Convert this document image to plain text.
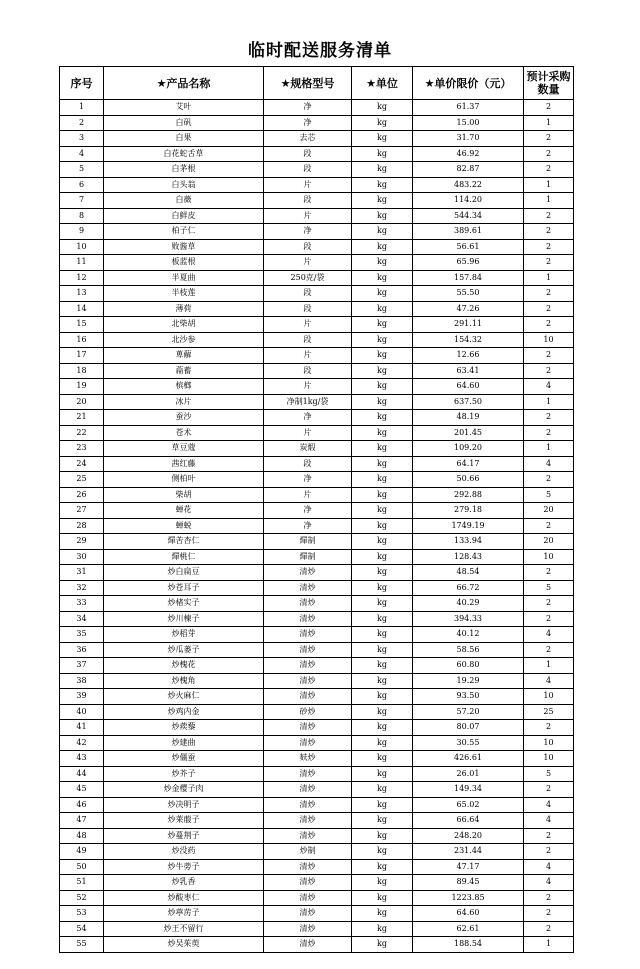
临时配送服务清单
序号	★产品名称	★规格型号	★单位	★单价限价（元）	预计采购数量
1	艾叶	净	kg	61.37	2
2	白矾	净	kg	15.00	1
3	白果	去芯	kg	31.70	2
4	白花蛇舌草	段	kg	46.92	2
5	白茅根	段	kg	82.87	2
6	白头翁	片	kg	483.22	1
7	白薇	段	kg	114.20	1
8	白鲜皮	片	kg	544.34	2
9	柏子仁	净	kg	389.61	2
10	败酱草	段	kg	56.61	2
11	板蓝根	片	kg	65.96	2
12	半夏曲	250克/袋	kg	157.84	1
13	半枝莲	段	kg	55.50	2
14	薄荷	段	kg	47.26	2
15	北柴胡	片	kg	291.11	2
16	北沙参	段	kg	154.32	10
17	萆薢	片	kg	12.66	2
18	萹蓄	段	kg	63.41	2
19	槟榔	片	kg	64.60	4
20	冰片	净制1kg/袋	kg	637.50	1
21	蚕沙	净	kg	48.19	2
22	苍术	片	kg	201.45	2
23	草豆蔻	炭煅	kg	109.20	1
24	茜红藤	段	kg	64.17	4
25	侧柏叶	净	kg	50.66	2
26	柴胡	片	kg	292.88	5
27	蝉花	净	kg	279.18	20
28	蝉蜕	净	kg	1749.19	2
29	燀苦杏仁	燀制	kg	133.94	20
30	燀桃仁	燀制	kg	128.43	10
31	炒白扁豆	清炒	kg	48.54	2
32	炒苍耳子	清炒	kg	66.72	5
33	炒楮实子	清炒	kg	40.29	2
34	炒川楝子	清炒	kg	394.33	2
35	炒稻芽	清炒	kg	40.12	4
36	炒瓜蒌子	清炒	kg	58.56	2
37	炒槐花	清炒	kg	60.80	1
38	炒槐角	清炒	kg	19.29	4
39	炒火麻仁	清炒	kg	93.50	10
40	炒鸡内金	砂炒	kg	57.20	25
41	炒蒺藜	清炒	kg	80.07	2
42	炒建曲	清炒	kg	30.55	10
43	炒僵蚕	麸炒	kg	426.61	10
44	炒芥子	清炒	kg	26.01	5
45	炒金樱子肉	清炒	kg	149.34	2
46	炒决明子	清炒	kg	65.02	4
47	炒莱菔子	清炒	kg	66.64	4
48	炒蔓荆子	清炒	kg	248.20	2
49	炒没药	炒制	kg	231.44	2
50	炒牛蒡子	清炒	kg	47.17	4
51	炒乳香	清炒	kg	89.45	4
52	炒酸枣仁	清炒	kg	1223.85	2
53	炒葶苈子	清炒	kg	64.60	2
54	炒王不留行	清炒	kg	62.61	2
55	炒吴茱萸	清炒	kg	188.54	1
